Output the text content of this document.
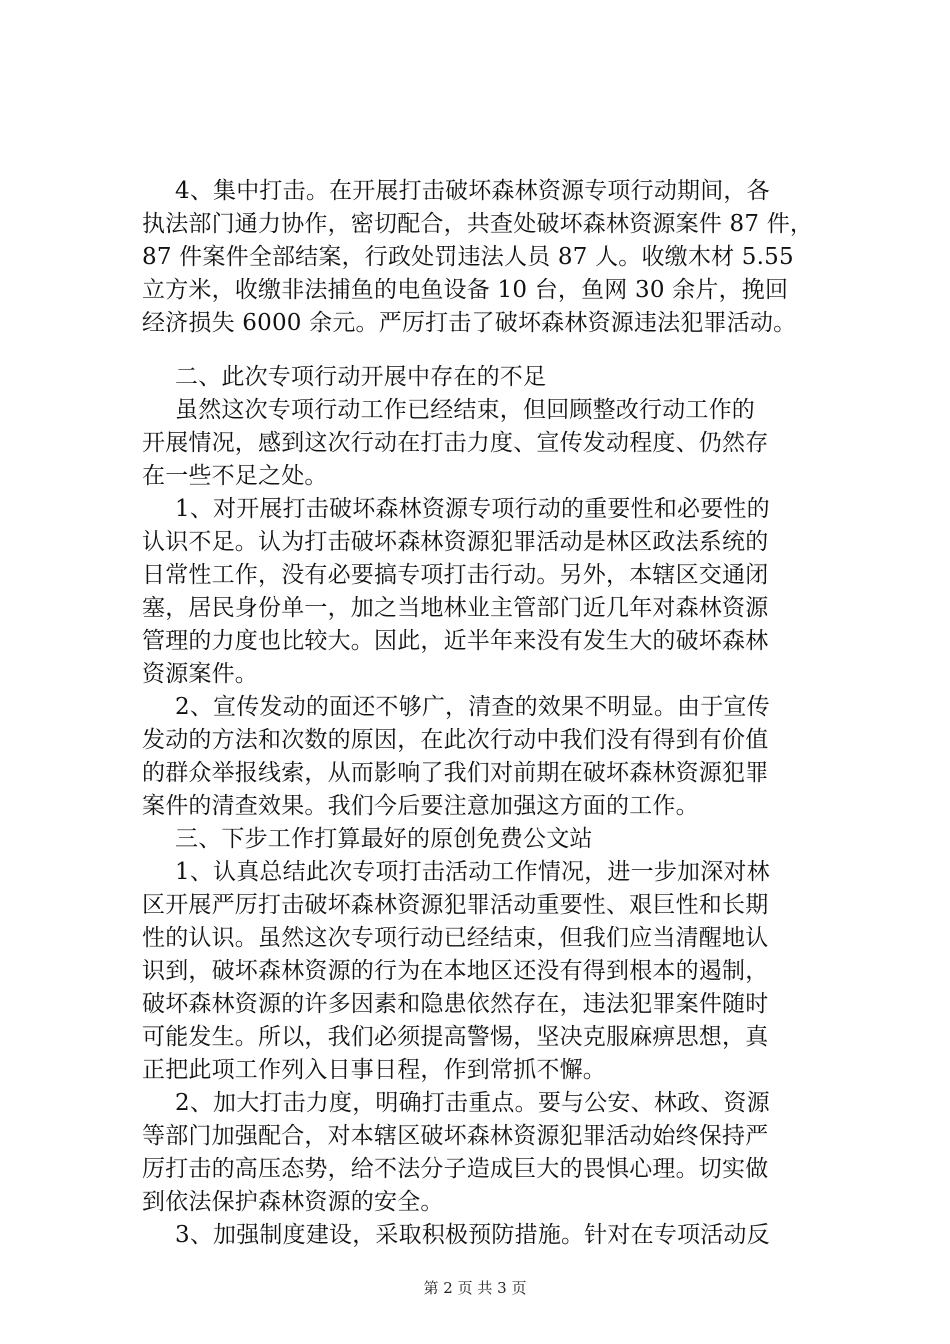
4、集中打击。在开展打击破坏森林资源专项行动期间，各
执法部门通力协作，密切配合，共查处破坏森林资源案件 87 件，
87 件案件全部结案，行政处罚违法人员 87 人。收缴木材 5.55
立方米，收缴非法捕鱼的电鱼设备 10 台，鱼网 30 余片，挽回
经济损失 6000 余元。严厉打击了破坏森林资源违法犯罪活动。
二、此次专项行动开展中存在的不足
虽然这次专项行动工作已经结束，但回顾整改行动工作的
开展情况，感到这次行动在打击力度、宣传发动程度、仍然存
在一些不足之处。
1、对开展打击破坏森林资源专项行动的重要性和必要性的
认识不足。认为打击破坏森林资源犯罪活动是林区政法系统的
日常性工作，没有必要搞专项打击行动。另外，本辖区交通闭
塞，居民身份单一，加之当地林业主管部门近几年对森林资源
管理的力度也比较大。因此，近半年来没有发生大的破坏森林
资源案件。
2、宣传发动的面还不够广，清查的效果不明显。由于宣传
发动的方法和次数的原因，在此次行动中我们没有得到有价值
的群众举报线索，从而影响了我们对前期在破坏森林资源犯罪
案件的清查效果。我们今后要注意加强这方面的工作。
三、下步工作打算最好的原创免费公文站
1、认真总结此次专项打击活动工作情况，进一步加深对林
区开展严厉打击破坏森林资源犯罪活动重要性、艰巨性和长期
性的认识。虽然这次专项行动已经结束，但我们应当清醒地认
识到，破坏森林资源的行为在本地区还没有得到根本的遏制，
破坏森林资源的许多因素和隐患依然存在，违法犯罪案件随时
可能发生。所以，我们必须提高警惕，坚决克服麻痹思想，真
正把此项工作列入日事日程，作到常抓不懈。
2、加大打击力度，明确打击重点。要与公安、林政、资源
等部门加强配合，对本辖区破坏森林资源犯罪活动始终保持严
厉打击的高压态势，给不法分子造成巨大的畏惧心理。切实做
到依法保护森林资源的安全。
3、加强制度建设，采取积极预防措施。针对在专项活动反
第 2 页 共 3 页
